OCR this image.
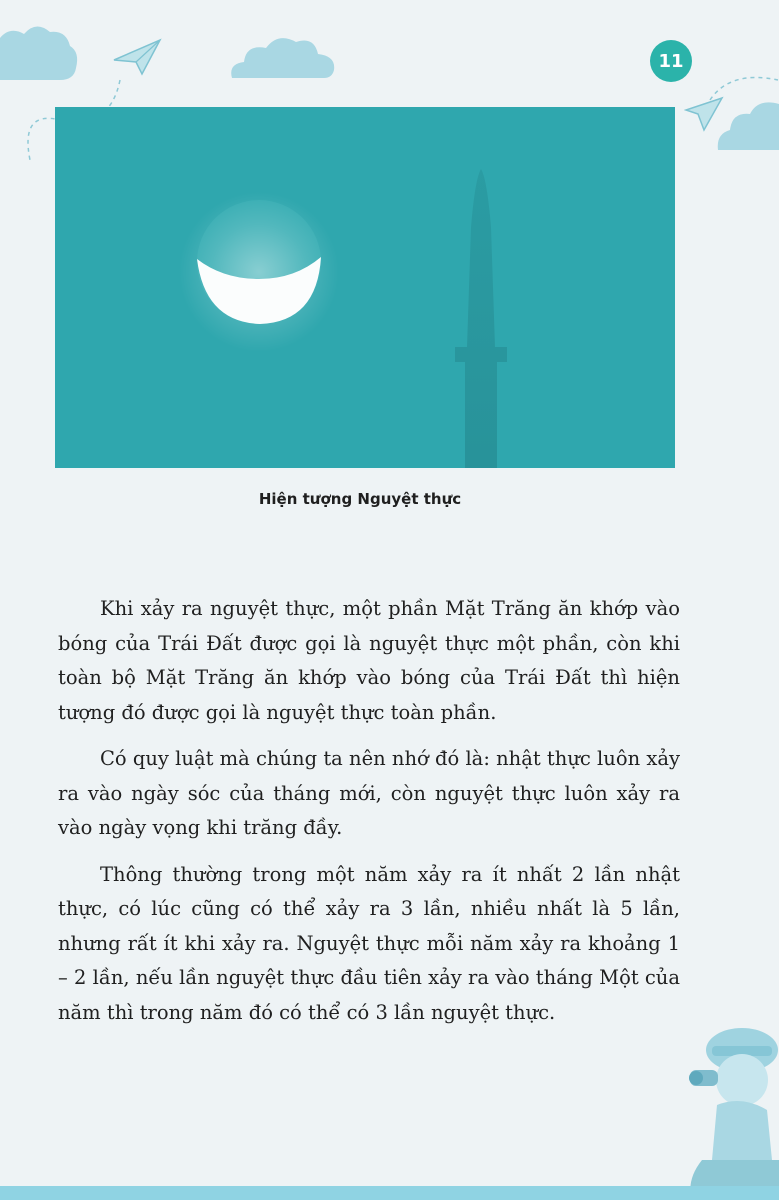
11
Hiện tượng Nguyệt thực

Khi xảy ra nguyệt thực, một phần Mặt Trăng ăn khớp vào bóng của Trái Đất được gọi là nguyệt thực một phần, còn khi toàn bộ Mặt Trăng ăn khớp vào bóng của Trái Đất thì hiện tượng đó được gọi là nguyệt thực toàn phần.

Có quy luật mà chúng ta nên nhớ đó là: nhật thực luôn xảy ra vào ngày sóc của tháng mới, còn nguyệt thực luôn xảy ra vào ngày vọng khi trăng đầy.

Thông thường trong một năm xảy ra ít nhất 2 lần nhật thực, có lúc cũng có thể xảy ra 3 lần, nhiều nhất là 5 lần, nhưng rất ít khi xảy ra. Nguyệt thực mỗi năm xảy ra khoảng 1 – 2 lần, nếu lần nguyệt thực đầu tiên xảy ra vào tháng Một của năm thì trong năm đó có thể có 3 lần nguyệt thực.
